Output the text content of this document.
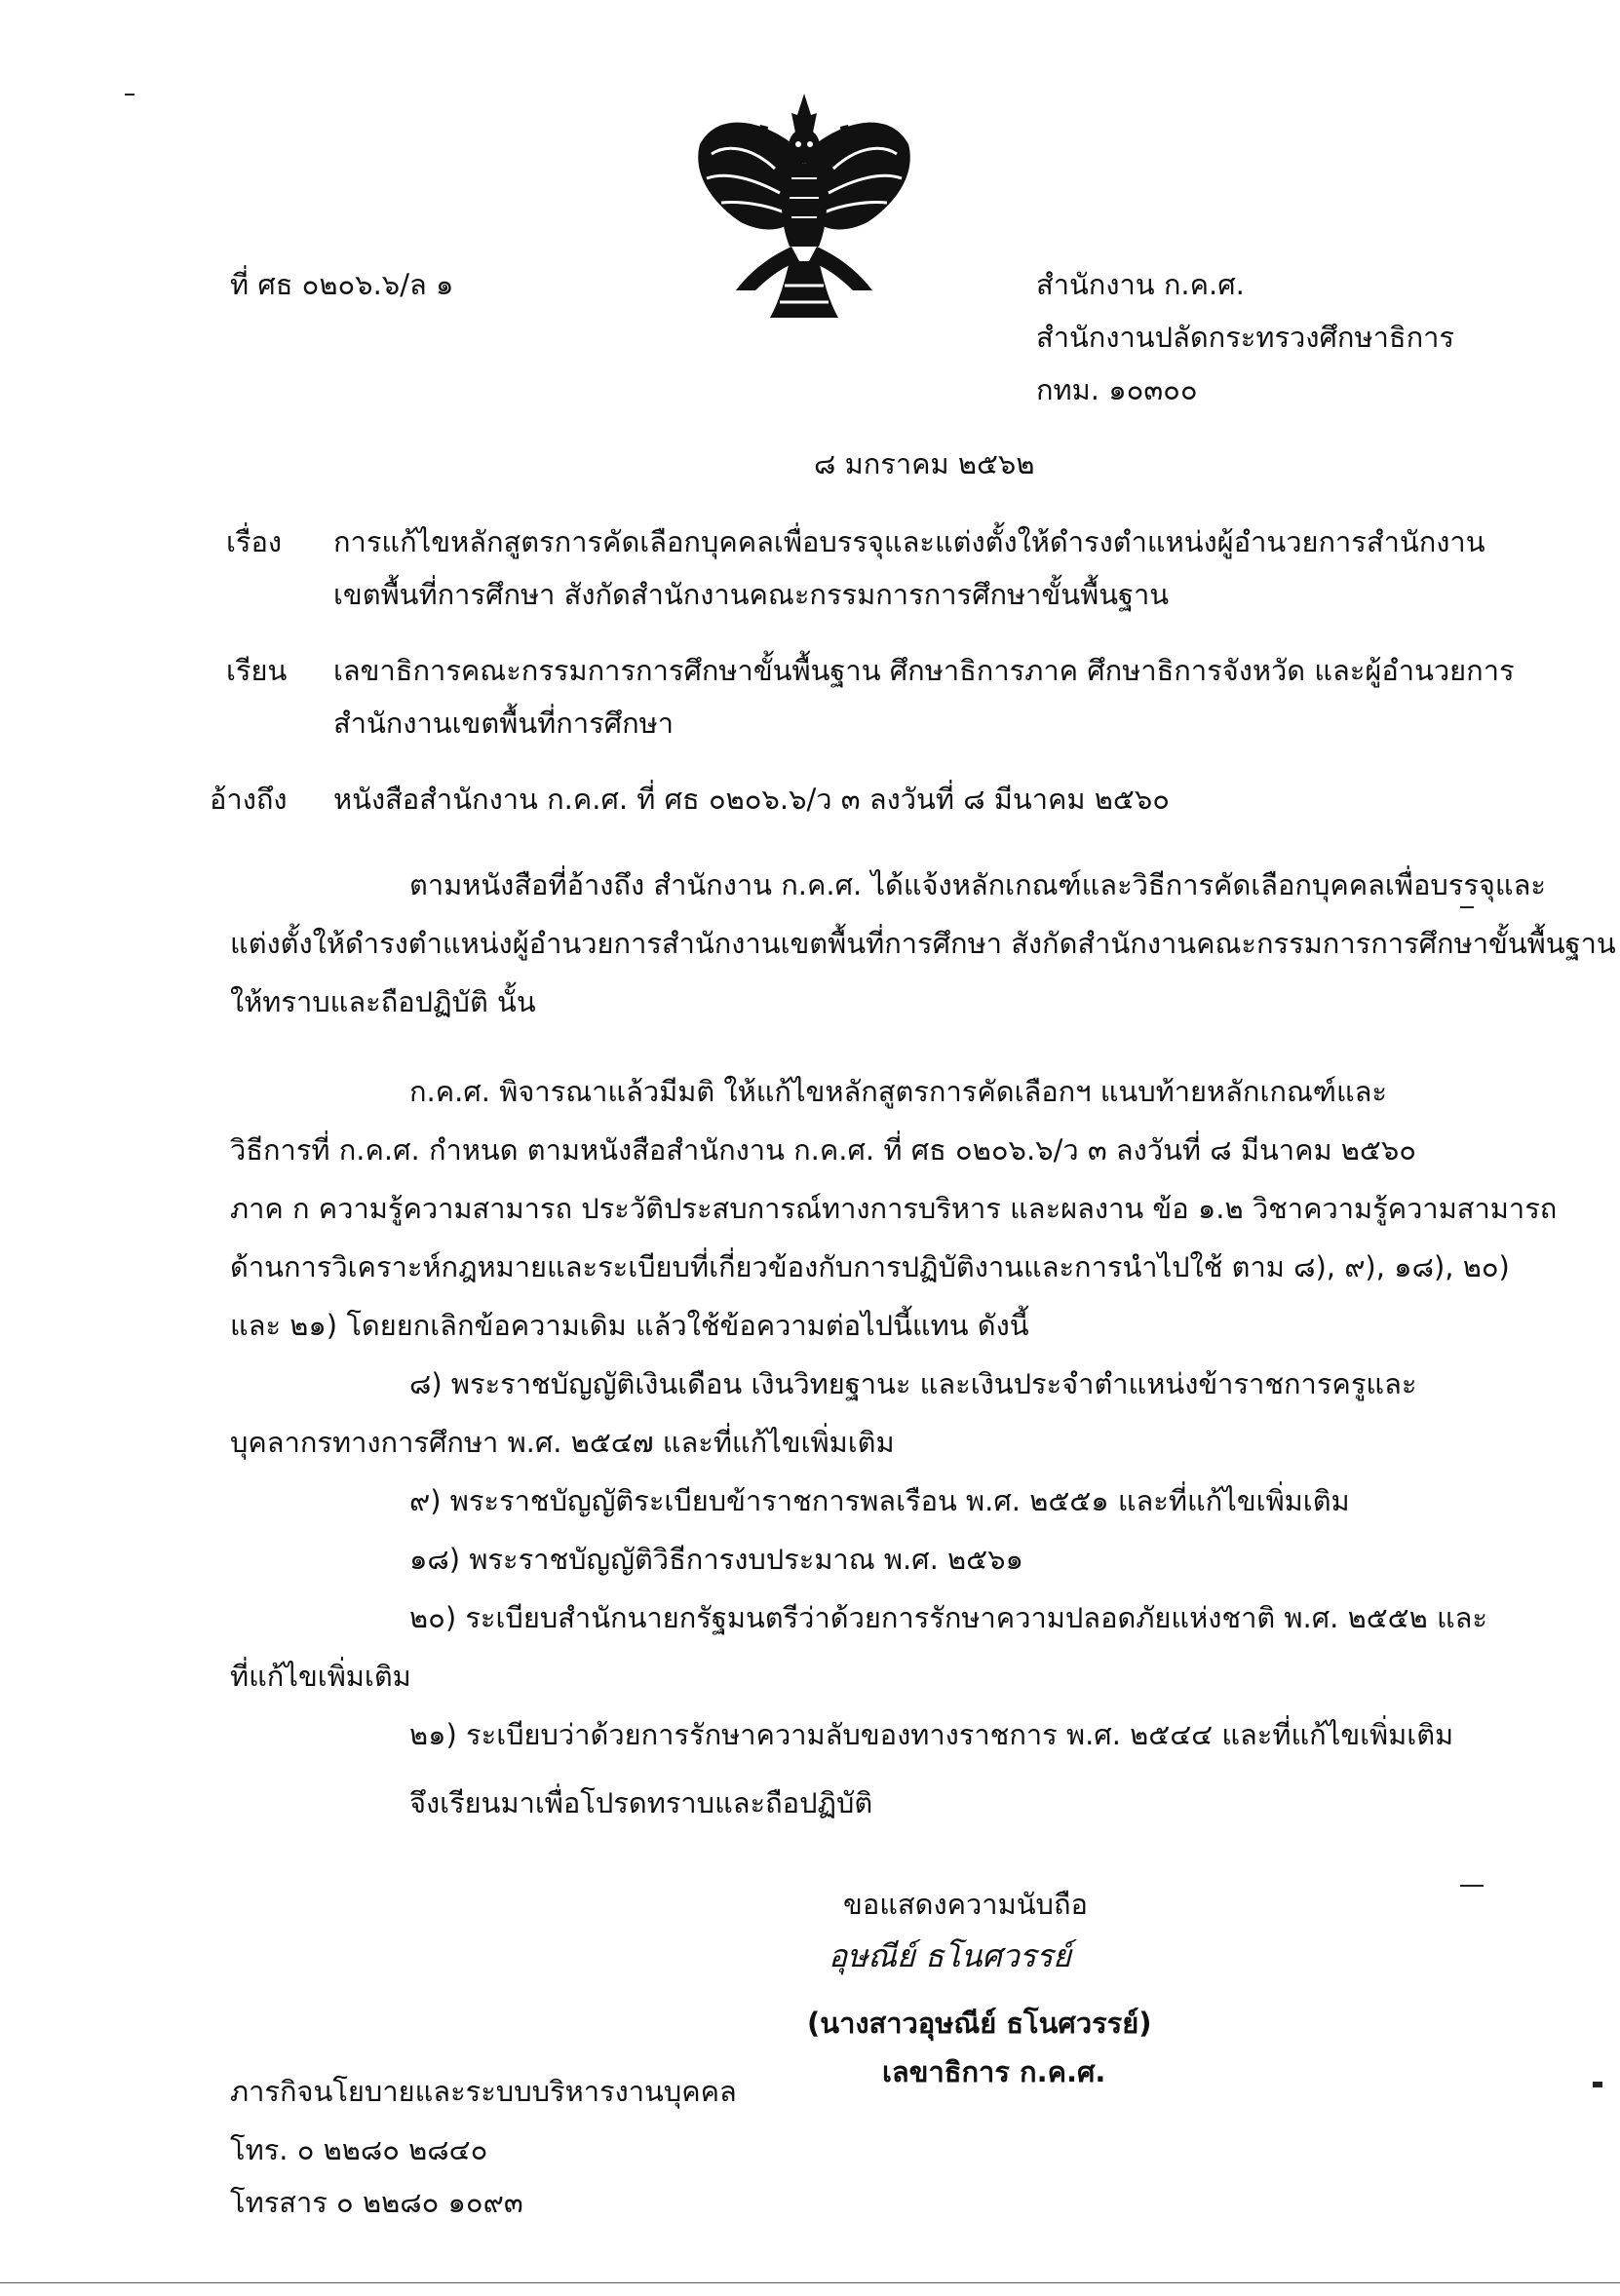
ที่ ศธ ๐๒๐๖.๖/ล ๑	สำนักงาน ก.ค.ศ.
สำนักงานปลัดกระทรวงศึกษาธิการ
กทม. ๑๐๓๐๐
๘ มกราคม ๒๕๖๒
เรื่อง การแก้ไขหลักสูตรการคัดเลือกบุคคลเพื่อบรรจุและแต่งตั้งให้ดำรงตำแหน่งผู้อำนวยการสำนักงาน
เขตพื้นที่การศึกษา สังกัดสำนักงานคณะกรรมการการศึกษาขั้นพื้นฐาน
เรียน เลขาธิการคณะกรรมการการศึกษาขั้นพื้นฐาน ศึกษาธิการภาค ศึกษาธิการจังหวัด และผู้อำนวยการ
สำนักงานเขตพื้นที่การศึกษา
อ้างถึง หนังสือสำนักงาน ก.ค.ศ. ที่ ศธ ๐๒๐๖.๖/ว ๓ ลงวันที่ ๘ มีนาคม ๒๕๖๐
ตามหนังสือที่อ้างถึง สำนักงาน ก.ค.ศ. ได้แจ้งหลักเกณฑ์และวิธีการคัดเลือกบุคคลเพื่อบรรจุและ
แต่งตั้งให้ดำรงตำแหน่งผู้อำนวยการสำนักงานเขตพื้นที่การศึกษา สังกัดสำนักงานคณะกรรมการการศึกษาขั้นพื้นฐาน
ให้ทราบและถือปฏิบัติ นั้น
ก.ค.ศ. พิจารณาแล้วมีมติ ให้แก้ไขหลักสูตรการคัดเลือกฯ แนบท้ายหลักเกณฑ์และ
วิธีการที่ ก.ค.ศ. กำหนด ตามหนังสือสำนักงาน ก.ค.ศ. ที่ ศธ ๐๒๐๖.๖/ว ๓ ลงวันที่ ๘ มีนาคม ๒๕๖๐
ภาค ก ความรู้ความสามารถ ประวัติประสบการณ์ทางการบริหาร และผลงาน ข้อ ๑.๒ วิชาความรู้ความสามารถ
ด้านการวิเคราะห์กฎหมายและระเบียบที่เกี่ยวข้องกับการปฏิบัติงานและการนำไปใช้ ตาม ๘), ๙), ๑๘), ๒๐)
และ ๒๑) โดยยกเลิกข้อความเดิม แล้วใช้ข้อความต่อไปนี้แทน ดังนี้
๘) พระราชบัญญัติเงินเดือน เงินวิทยฐานะ และเงินประจำตำแหน่งข้าราชการครูและ
บุคลากรทางการศึกษา พ.ศ. ๒๕๔๗ และที่แก้ไขเพิ่มเติม
๙) พระราชบัญญัติระเบียบข้าราชการพลเรือน พ.ศ. ๒๕๕๑ และที่แก้ไขเพิ่มเติม
๑๘) พระราชบัญญัติวิธีการงบประมาณ พ.ศ. ๒๕๖๑
๒๐) ระเบียบสำนักนายกรัฐมนตรีว่าด้วยการรักษาความปลอดภัยแห่งชาติ พ.ศ. ๒๕๕๒ และ
ที่แก้ไขเพิ่มเติม
๒๑) ระเบียบว่าด้วยการรักษาความลับของทางราชการ พ.ศ. ๒๕๔๔ และที่แก้ไขเพิ่มเติม
จึงเรียนมาเพื่อโปรดทราบและถือปฏิบัติ
ขอแสดงความนับถือ
อุษณีย์ ธโนศวรรย์
(นางสาวอุษณีย์ ธโนศวรรย์)
เลขาธิการ ก.ค.ศ.
ภารกิจนโยบายและระบบบริหารงานบุคคล
โทร. ๐ ๒๒๘๐ ๒๘๔๐
โทรสาร ๐ ๒๒๘๐ ๑๐๙๓
